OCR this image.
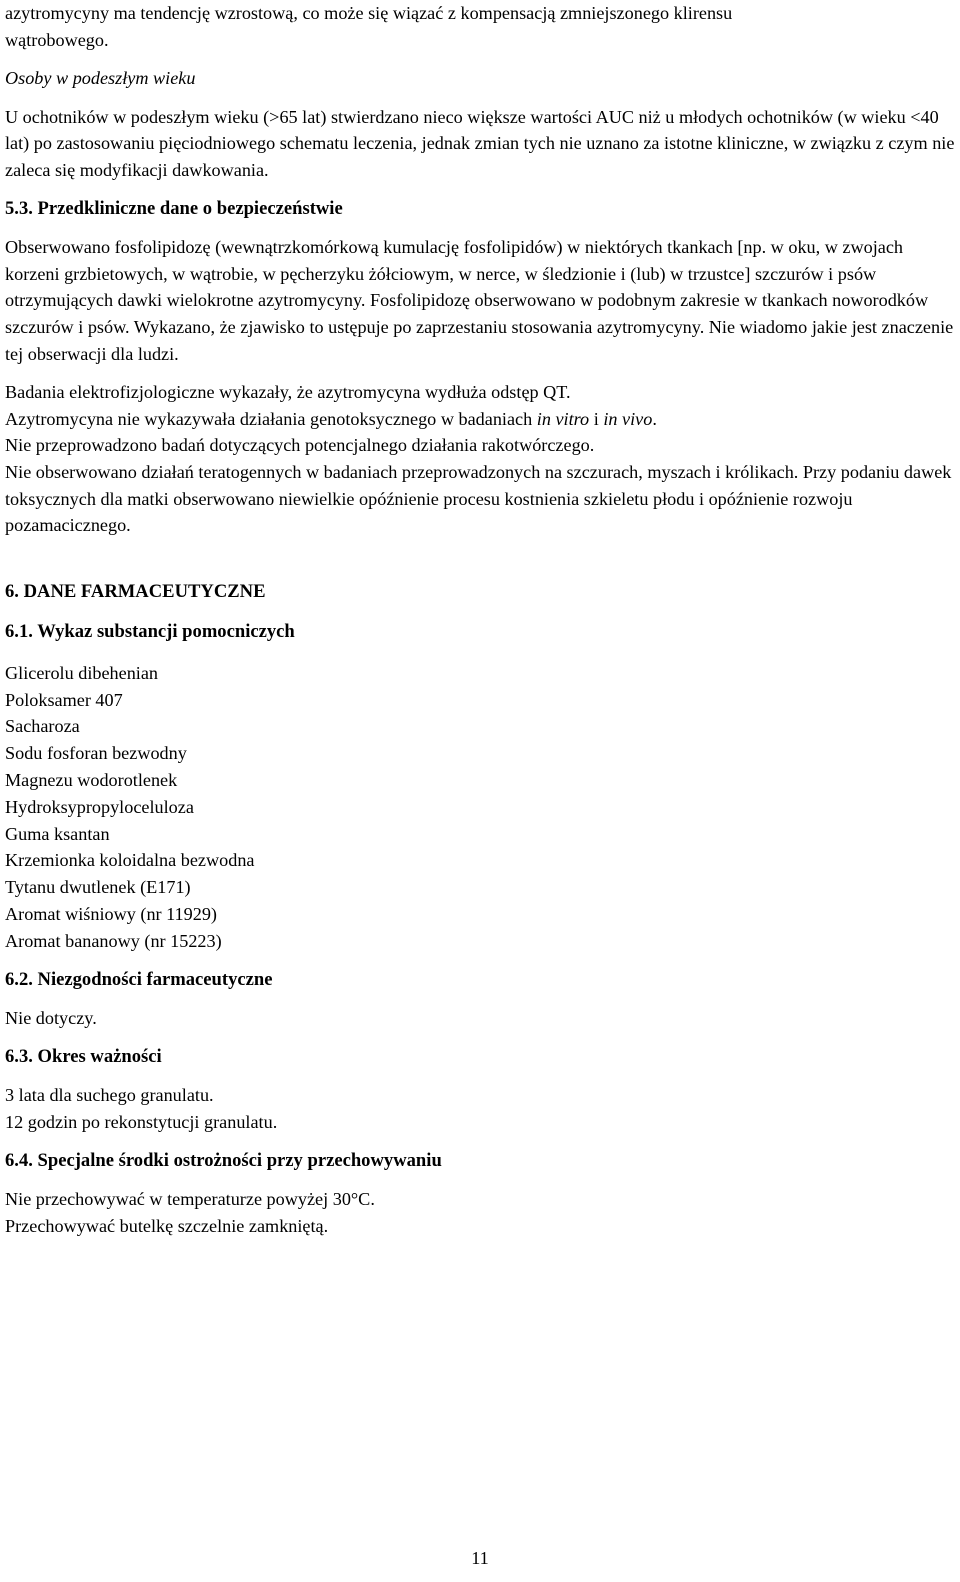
azytromycyny ma tendencję wzrostową, co może się wiązać z kompensacją zmniejszonego klirensu

wątrobowego.

Osoby w podeszłym wieku

U ochotników w podeszłym wieku (>65 lat) stwierdzano nieco większe wartości AUC niż u młodych ochotników (w wieku <40 lat) po zastosowaniu pięciodniowego schematu leczenia, jednak zmian tych nie uznano za istotne kliniczne, w związku z czym nie zaleca się modyfikacji dawkowania.

5.3. Przedkliniczne dane o bezpieczeństwie

Obserwowano fosfolipidozę (wewnątrzkomórkową kumulację fosfolipidów) w niektórych tkankach [np. w oku, w zwojach korzeni grzbietowych, w wątrobie, w pęcherzyku żółciowym, w nerce, w śledzionie i (lub) w trzustce] szczurów i psów otrzymujących dawki wielokrotne azytromycyny. Fosfolipidozę obserwowano w podobnym zakresie w tkankach noworodków szczurów i psów. Wykazano, że zjawisko to ustępuje po zaprzestaniu stosowania azytromycyny. Nie wiadomo jakie jest znaczenie tej obserwacji dla ludzi.

Badania elektrofizjologiczne wykazały, że azytromycyna wydłuża odstęp QT.

Azytromycyna nie wykazywała działania genotoksycznego w badaniach in vitro i in vivo.

Nie przeprowadzono badań dotyczących potencjalnego działania rakotwórczego.

Nie obserwowano działań teratogennych w badaniach przeprowadzonych na szczurach, myszach i królikach. Przy podaniu dawek toksycznych dla matki obserwowano niewielkie opóźnienie procesu kostnienia szkieletu płodu i opóźnienie rozwoju pozamacicznego.

6. DANE FARMACEUTYCZNE

6.1. Wykaz substancji pomocniczych

Glicerolu dibehenian

Poloksamer 407

Sacharoza

Sodu fosforan bezwodny

Magnezu wodorotlenek

Hydroksypropyloceluloza

Guma ksantan

Krzemionka koloidalna bezwodna

Tytanu dwutlenek (E171)

Aromat wiśniowy (nr 11929)

Aromat bananowy (nr 15223)

6.2. Niezgodności farmaceutyczne

Nie dotyczy.

6.3. Okres ważności

3 lata dla suchego granulatu.

12 godzin po rekonstytucji granulatu.

6.4. Specjalne środki ostrożności przy przechowywaniu

Nie przechowywać w temperaturze powyżej 30°C.

Przechowywać butelkę szczelnie zamkniętą.

11
